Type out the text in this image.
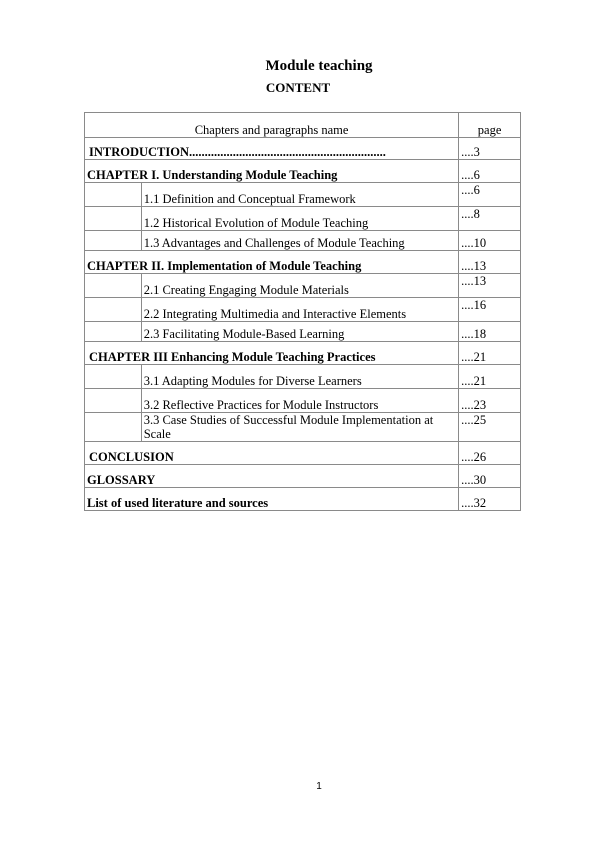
Module teaching
CONTENT
Chapters and paragraphs name		page
INTRODUCTION...............................................................		....3
CHAPTER I. Understanding Module Teaching		....6
	1.1 Definition and Conceptual Framework	....6
	1.2 Historical Evolution of Module Teaching	....8
	1.3 Advantages and Challenges of Module Teaching	....10
CHAPTER II. Implementation of Module Teaching		....13
	2.1 Creating Engaging Module Materials	....13
	2.2 Integrating Multimedia and Interactive Elements	....16
	2.3 Facilitating Module-Based Learning	....18
CHAPTER III Enhancing Module Teaching Practices		....21
	3.1 Adapting Modules for Diverse Learners	....21
	3.2 Reflective Practices for Module Instructors	....23
	3.3 Case Studies of Successful Module Implementation at Scale	....25
CONCLUSION		....26
GLOSSARY		....30
List of used literature and sources		....32
1
